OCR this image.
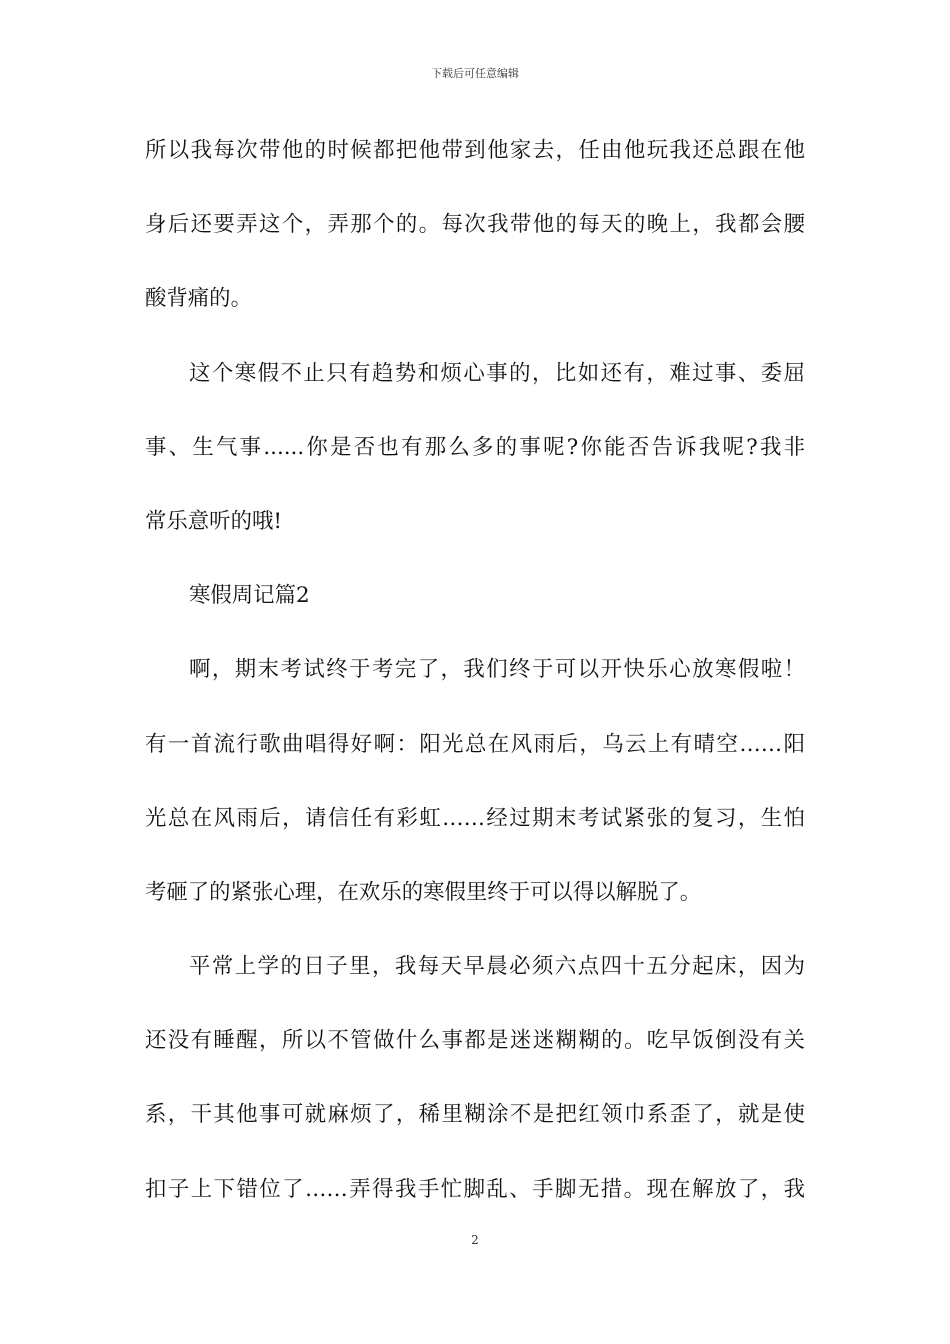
下载后可任意编辑
所以我每次带他的时候都把他带到他家去，任由他玩我还总跟在他
身后还要弄这个，弄那个的。每次我带他的每天的晚上，我都会腰
酸背痛的。
这个寒假不止只有趋势和烦心事的，比如还有，难过事、委屈
事、生气事......你是否也有那么多的事呢?你能否告诉我呢?我非
常乐意听的哦!
寒假周记篇2
啊，期末考试终于考完了，我们终于可以开快乐心放寒假啦！
有一首流行歌曲唱得好啊：阳光总在风雨后，乌云上有晴空……阳
光总在风雨后，请信任有彩虹……经过期末考试紧张的复习，生怕
考砸了的紧张心理，在欢乐的寒假里终于可以得以解脱了。
平常上学的日子里，我每天早晨必须六点四十五分起床，因为
还没有睡醒，所以不管做什么事都是迷迷糊糊的。吃早饭倒没有关
系，干其他事可就麻烦了，稀里糊涂不是把红领巾系歪了，就是使
扣子上下错位了……弄得我手忙脚乱、手脚无措。现在解放了，我
2
